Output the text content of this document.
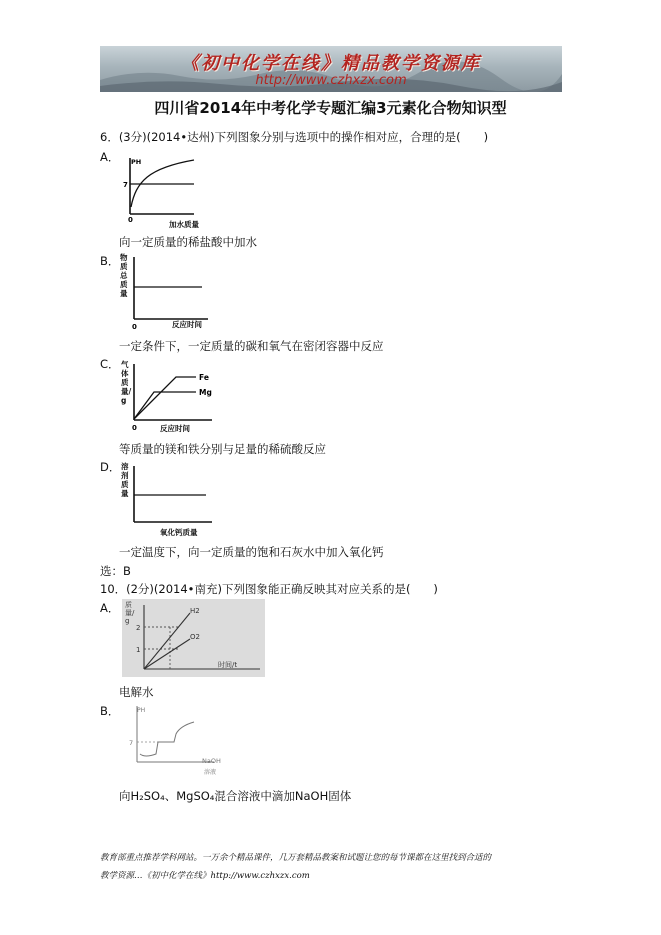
《初中化学在线》精品教学资源库
http://www.czhxzx.com
四川省2014年中考化学专题汇编3元素化合物知识型
6．(3分)(2014•达州)下列图象分别与选项中的操作相对应，合理的是(　　)
A． PH
7
0	加水质量
向一定质量的稀盐酸中加水
B．
0
物质总质量
反应时间
一定条件下，一定质量的碳和氧气在密闭容器中反应
C．
Fe
Mg
0
气体质量/g
反应时间
等质量的镁和铁分别与足量的稀硫酸反应
D． 溶剂质量
氧化钙质量
一定温度下，向一定质量的饱和石灰水中加入氧化钙
选：B
10．(2分)(2014•南充)下列图象能正确反映其对应关系的是(　　)
A．	H2
O2
2
1
时间/t
质量/g
电解水
B．	PH
7
NaOH
溶液
向H₂SO₄、MgSO₄混合溶液中滴加NaOH固体
教育部重点推荐学科网站。一万余个精品课件，几万套精品教案和试题让您的每节课都在这里找到合适的
教学资源…《初中化学在线》http://www.czhxzx.com
